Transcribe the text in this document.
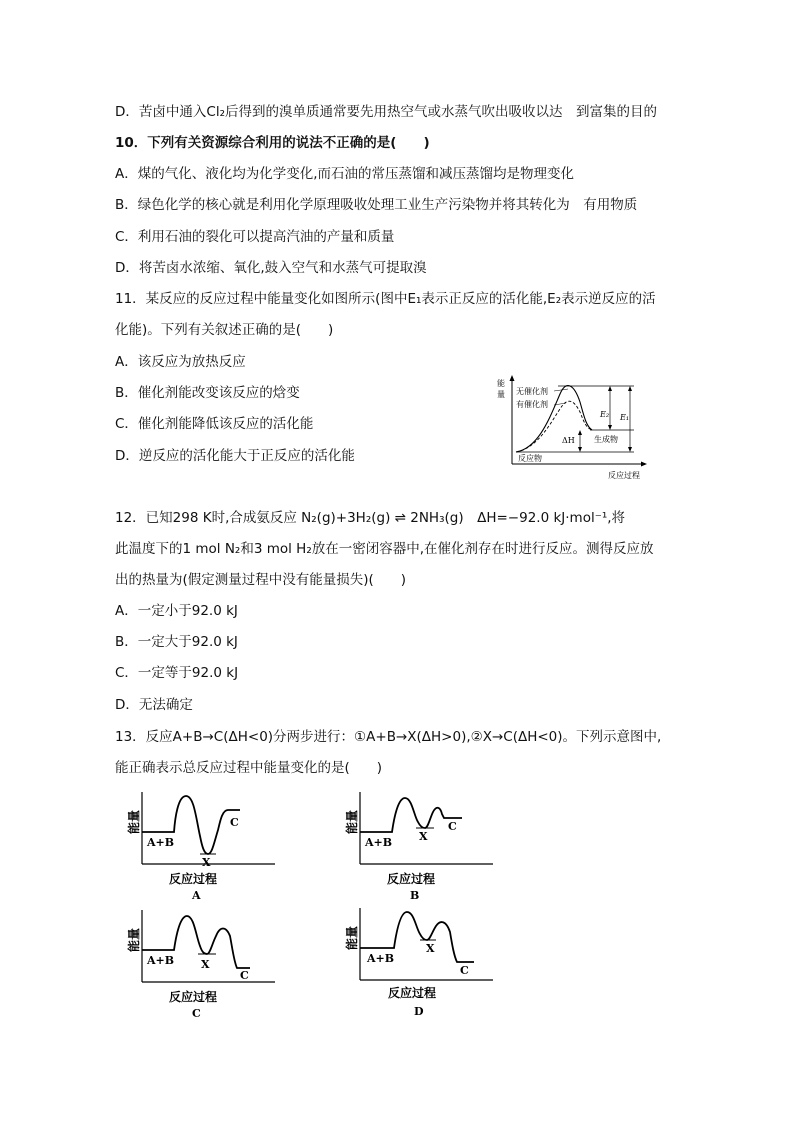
D．苦卤中通入Cl₂后得到的溴单质通常要先用热空气或水蒸气吹出吸收以达　到富集的目的
10．下列有关资源综合利用的说法不正确的是(　　)
A．煤的气化、液化均为化学变化,而石油的常压蒸馏和减压蒸馏均是物理变化
B．绿色化学的核心就是利用化学原理吸收处理工业生产污染物并将其转化为　有用物质
C．利用石油的裂化可以提高汽油的产量和质量
D．将苦卤水浓缩、氧化,鼓入空气和水蒸气可提取溴
11．某反应的反应过程中能量变化如图所示(图中E₁表示正反应的活化能,E₂表示逆反应的活
化能)。下列有关叙述正确的是(　　)
A．该反应为放热反应
B．催化剂能改变该反应的焓变
C．催化剂能降低该反应的活化能
D．逆反应的活化能大于正反应的活化能
能
量 无催化剂
有催化剂
E₂ E₁
ΔH 生成物
反应物
反应过程
12．已知298 K时,合成氨反应 N₂(g)+3H₂(g) ⇌ 2NH₃(g)　ΔH=−92.0 kJ·mol⁻¹,将
此温度下的1 mol N₂和3 mol H₂放在一密闭容器中,在催化剂存在时进行反应。测得反应放
出的热量为(假定测量过程中没有能量损失)(　　)
A．一定小于92.0 kJ
B．一定大于92.0 kJ
C．一定等于92.0 kJ
D．无法确定
13．反应A+B→C(ΔH<0)分两步进行：①A+B→X(ΔH>0),②X→C(ΔH<0)。下列示意图中,
能正确表示总反应过程中能量变化的是(　　)
能量
A+B
X
C
反应过程
A
能量
A+B X
C
反应过程
B
能量
A+B X
C
反应过程
C
能量
A+B
X
C
反应过程
D
